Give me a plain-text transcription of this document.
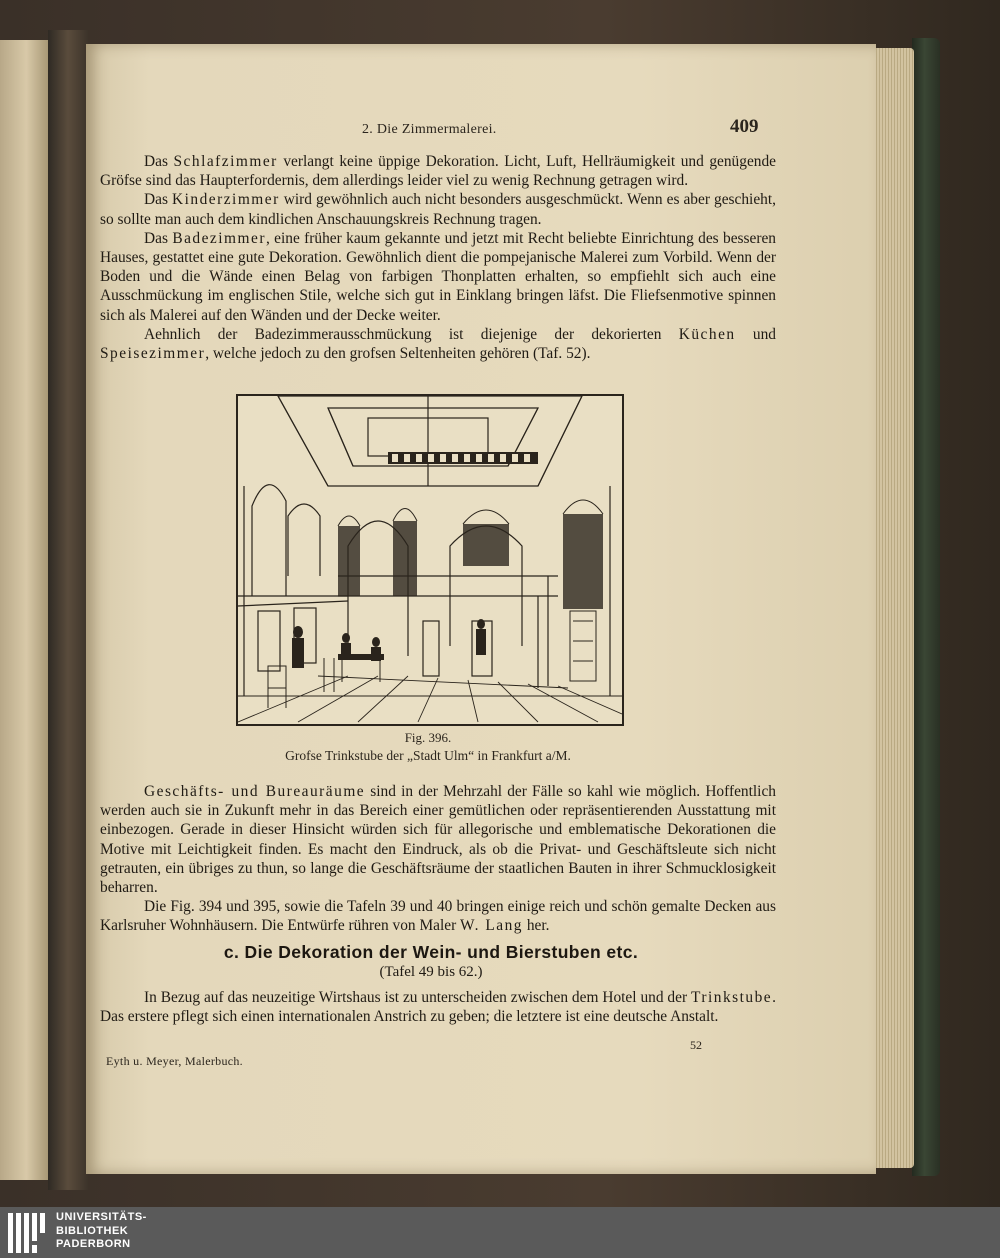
2. Die Zimmermalerei.	409

Das Schlafzimmer verlangt keine üppige Dekoration. Licht, Luft, Hellräumigkeit und genügende Gröfse sind das Haupterfordernis, dem allerdings leider viel zu wenig Rechnung getragen wird.

Das Kinderzimmer wird gewöhnlich auch nicht besonders ausgeschmückt. Wenn es aber geschieht, so sollte man auch dem kindlichen Anschauungskreis Rechnung tragen.

Das Badezimmer, eine früher kaum gekannte und jetzt mit Recht beliebte Einrichtung des besseren Hauses, gestattet eine gute Dekoration. Gewöhnlich dient die pompejanische Malerei zum Vorbild. Wenn der Boden und die Wände einen Belag von farbigen Thonplatten erhalten, so empfiehlt sich auch eine Ausschmückung im englischen Stile, welche sich gut in Einklang bringen läfst. Die Fliefsenmotive spinnen sich als Malerei auf den Wänden und der Decke weiter.

Aehnlich der Badezimmerausschmückung ist diejenige der dekorierten Küchen und Speisezimmer, welche jedoch zu den grofsen Seltenheiten gehören (Taf. 52).

Fig. 396.
Grofse Trinkstube der „Stadt Ulm“ in Frankfurt a/M.

Geschäfts- und Bureauräume sind in der Mehrzahl der Fälle so kahl wie möglich. Hoffentlich werden auch sie in Zukunft mehr in das Bereich einer gemütlichen oder repräsentierenden Ausstattung mit einbezogen. Gerade in dieser Hinsicht würden sich für allegorische und emblematische Dekorationen die Motive mit Leichtigkeit finden. Es macht den Eindruck, als ob die Privat- und Geschäftsleute sich nicht getrauten, ein übriges zu thun, so lange die Geschäftsräume der staatlichen Bauten in ihrer Schmucklosigkeit beharren.

Die Fig. 394 und 395, sowie die Tafeln 39 und 40 bringen einige reich und schön gemalte Decken aus Karlsruher Wohnhäusern. Die Entwürfe rühren von Maler W. Lang her.

c. Die Dekoration der Wein- und Bierstuben etc.
(Tafel 49 bis 62.)

In Bezug auf das neuzeitige Wirtshaus ist zu unterscheiden zwischen dem Hotel und der Trinkstube. Das erstere pflegt sich einen internationalen Anstrich zu geben; die letztere ist eine deutsche Anstalt.

Eyth u. Meyer, Malerbuch.
52
UNIVERSITÄTS-
BIBLIOTHEK
PADERBORN
